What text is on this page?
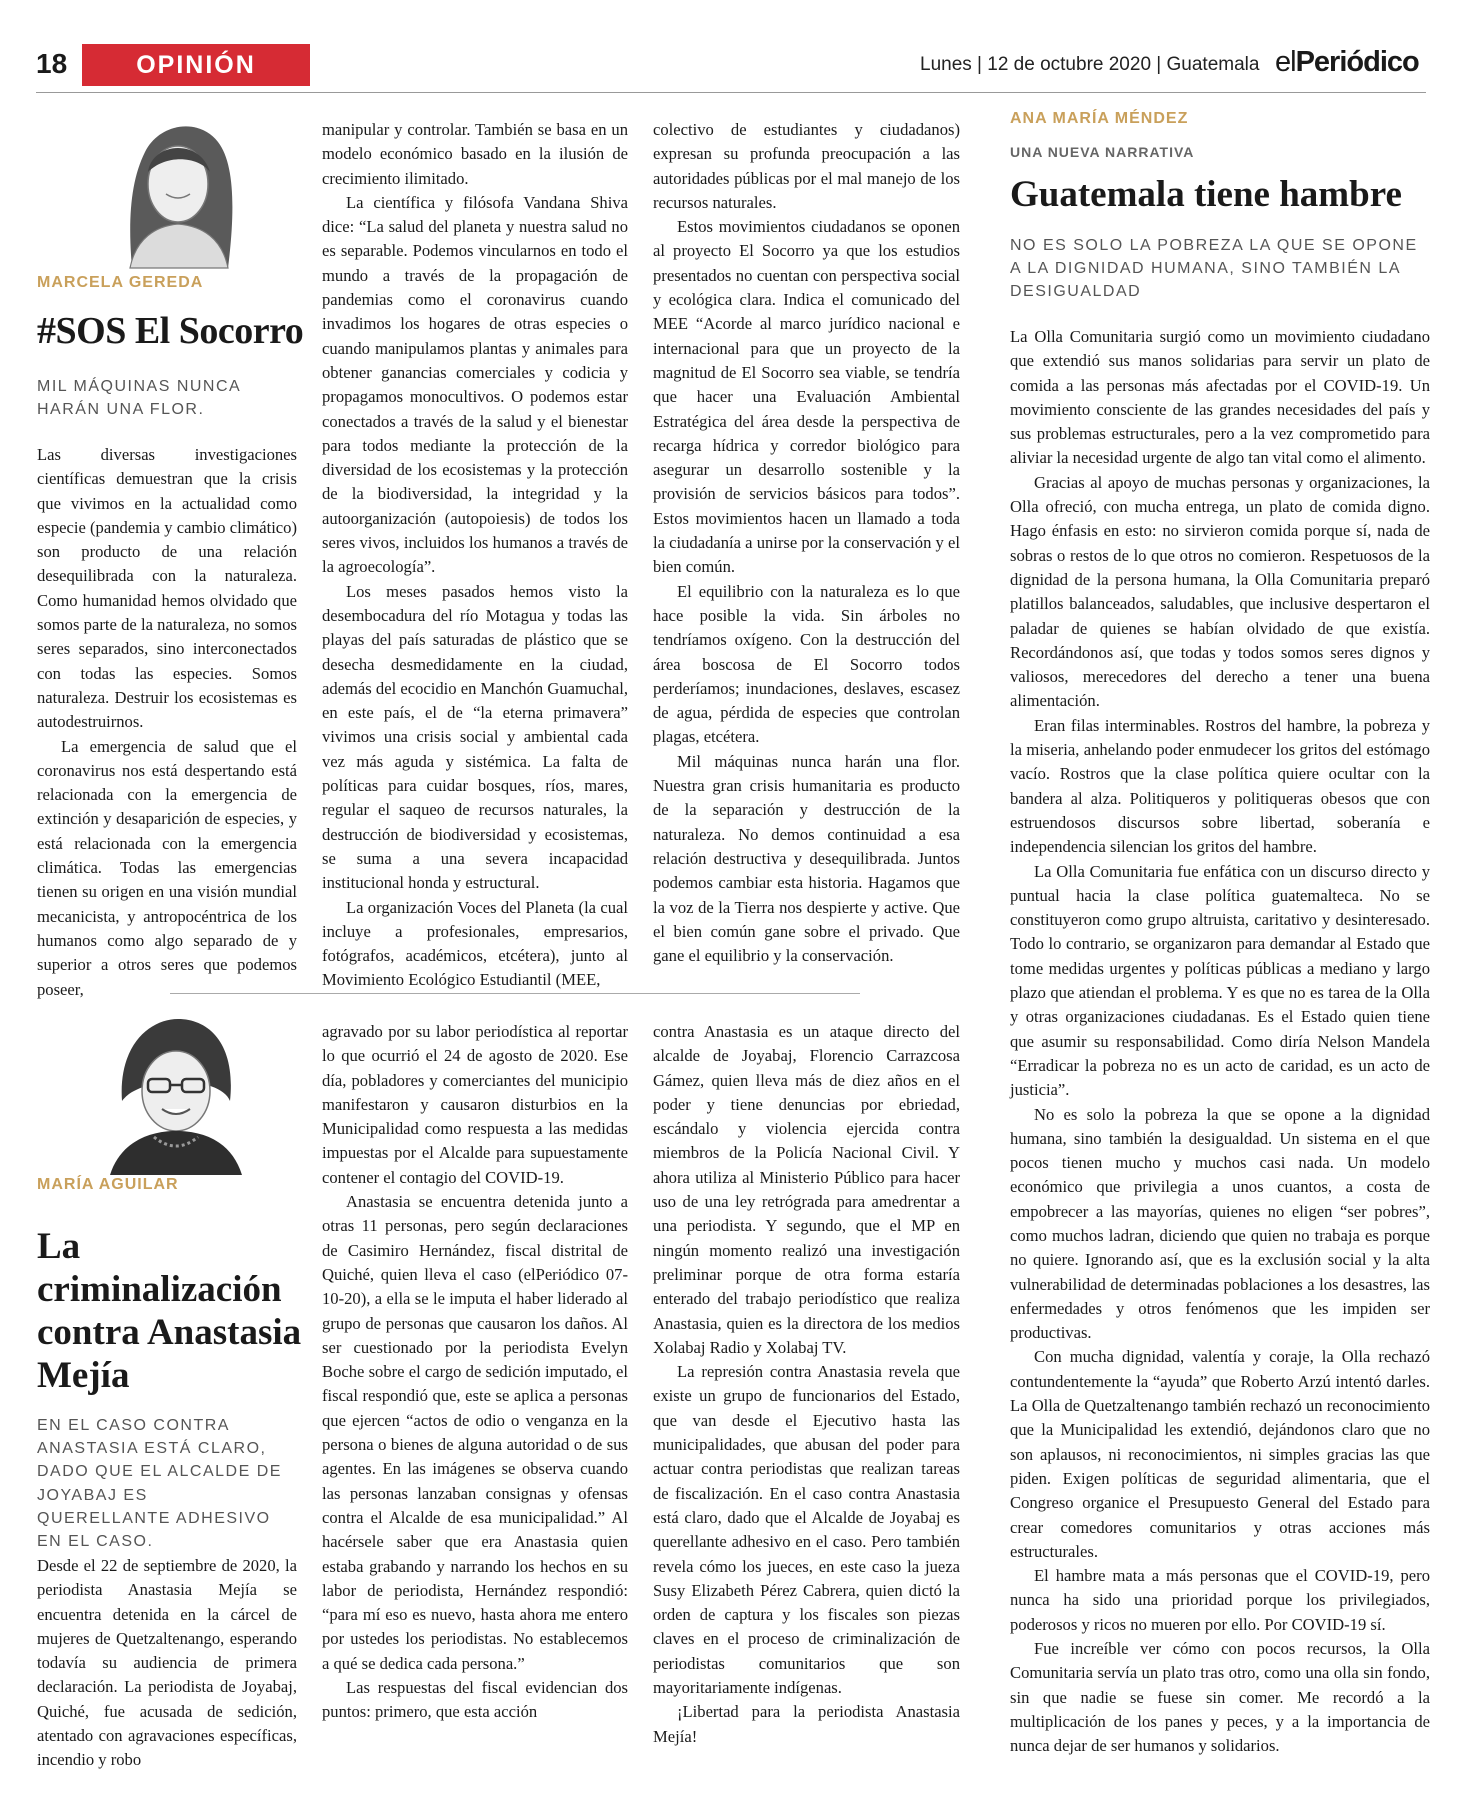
18	OPINIÓN	Lunes | 12 de octubre 2020 | Guatemala elPeriódico
MARCELA GEREDA
#SOS El Socorro
MIL MÁQUINAS NUNCA HARÁN UNA FLOR.

Las diversas investigaciones científicas demuestran que la crisis que vivimos en la actualidad como especie (pandemia y cambio climático) son producto de una relación desequilibrada con la naturaleza. Como humanidad hemos olvidado que somos parte de la naturaleza, no somos seres separados, sino interconectados con todas las especies. Somos naturaleza. Destruir los ecosistemas es autodestruirnos.

La emergencia de salud que el coronavirus nos está despertando está relacionada con la emergencia de extinción y desaparición de especies, y está relacionada con la emergencia climática. Todas las emergencias tienen su origen en una visión mundial mecanicista, y antropocéntrica de los humanos como algo separado de y superior a otros seres que podemos poseer,

manipular y controlar. También se basa en un modelo económico basado en la ilusión de crecimiento ilimitado.

La científica y filósofa Vandana Shiva dice: “La salud del planeta y nuestra salud no es separable. Podemos vincularnos en todo el mundo a través de la propagación de pandemias como el coronavirus cuando invadimos los hogares de otras especies o cuando manipulamos plantas y animales para obtener ganancias comerciales y codicia y propagamos monocultivos. O podemos estar conectados a través de la salud y el bienestar para todos mediante la protección de la diversidad de los ecosistemas y la protección de la biodiversidad, la integridad y la autoorganización (autopoiesis) de todos los seres vivos, incluidos los humanos a través de la agroecología”.

Los meses pasados hemos visto la desembocadura del río Motagua y todas las playas del país saturadas de plástico que se desecha desmedidamente en la ciudad, además del ecocidio en Manchón Guamuchal, en este país, el de “la eterna primavera” vivimos una crisis social y ambiental cada vez más aguda y sistémica. La falta de políticas para cuidar bosques, ríos, mares, regular el saqueo de recursos naturales, la destrucción de biodiversidad y ecosistemas, se suma a una severa incapacidad institucional honda y estructural.

La organización Voces del Planeta (la cual incluye a profesionales, empresarios, fotógrafos, académicos, etcétera), junto al Movimiento Ecológico Estudiantil (MEE,

colectivo de estudiantes y ciudadanos) expresan su profunda preocupación a las autoridades públicas por el mal manejo de los recursos naturales.

Estos movimientos ciudadanos se oponen al proyecto El Socorro ya que los estudios presentados no cuentan con perspectiva social y ecológica clara. Indica el comunicado del MEE “Acorde al marco jurídico nacional e internacional para que un proyecto de la magnitud de El Socorro sea viable, se tendría que hacer una Evaluación Ambiental Estratégica del área desde la perspectiva de recarga hídrica y corredor biológico para asegurar un desarrollo sostenible y la provisión de servicios básicos para todos”. Estos movimientos hacen un llamado a toda la ciudadanía a unirse por la conservación y el bien común.

El equilibrio con la naturaleza es lo que hace posible la vida. Sin árboles no tendríamos oxígeno. Con la destrucción del área boscosa de El Socorro todos perderíamos; inundaciones, deslaves, escasez de agua, pérdida de especies que controlan plagas, etcétera.

Mil máquinas nunca harán una flor. Nuestra gran crisis humanitaria es producto de la separación y destrucción de la naturaleza. No demos continuidad a esa relación destructiva y desequilibrada. Juntos podemos cambiar esta historia. Hagamos que la voz de la Tierra nos despierte y active. Que el bien común gane sobre el privado. Que gane el equilibrio y la conservación.

MARÍA AGUILAR
La criminalización contra Anastasia Mejía
EN EL CASO CONTRA ANASTASIA ESTÁ CLARO, DADO QUE EL ALCALDE DE JOYABAJ ES QUERELLANTE ADHESIVO EN EL CASO.

Desde el 22 de septiembre de 2020, la periodista Anastasia Mejía se encuentra detenida en la cárcel de mujeres de Quetzaltenango, esperando todavía su audiencia de primera declaración. La periodista de Joyabaj, Quiché, fue acusada de sedición, atentado con agravaciones específicas, incendio y robo

agravado por su labor periodística al reportar lo que ocurrió el 24 de agosto de 2020. Ese día, pobladores y comerciantes del municipio manifestaron y causaron disturbios en la Municipalidad como respuesta a las medidas impuestas por el Alcalde para supuestamente contener el contagio del COVID-19.

Anastasia se encuentra detenida junto a otras 11 personas, pero según declaraciones de Casimiro Hernández, fiscal distrital de Quiché, quien lleva el caso (elPeriódico 07-10-20), a ella se le imputa el haber liderado al grupo de personas que causaron los daños. Al ser cuestionado por la periodista Evelyn Boche sobre el cargo de sedición imputado, el fiscal respondió que, este se aplica a personas que ejercen “actos de odio o venganza en la persona o bienes de alguna autoridad o de sus agentes. En las imágenes se observa cuando las personas lanzaban consignas y ofensas contra el Alcalde de esa municipalidad.” Al hacérsele saber que era Anastasia quien estaba grabando y narrando los hechos en su labor de periodista, Hernández respondió: “para mí eso es nuevo, hasta ahora me entero por ustedes los periodistas. No establecemos a qué se dedica cada persona.”

Las respuestas del fiscal evidencian dos puntos: primero, que esta acción

contra Anastasia es un ataque directo del alcalde de Joyabaj, Florencio Carrazcosa Gámez, quien lleva más de diez años en el poder y tiene denuncias por ebriedad, escándalo y violencia ejercida contra miembros de la Policía Nacional Civil. Y ahora utiliza al Ministerio Público para hacer uso de una ley retrógrada para amedrentar a una periodista. Y segundo, que el MP en ningún momento realizó una investigación preliminar porque de otra forma estaría enterado del trabajo periodístico que realiza Anastasia, quien es la directora de los medios Xolabaj Radio y Xolabaj TV.

La represión contra Anastasia revela que existe un grupo de funcionarios del Estado, que van desde el Ejecutivo hasta las municipalidades, que abusan del poder para actuar contra periodistas que realizan tareas de fiscalización. En el caso contra Anastasia está claro, dado que el Alcalde de Joyabaj es querellante adhesivo en el caso. Pero también revela cómo los jueces, en este caso la jueza Susy Elizabeth Pérez Cabrera, quien dictó la orden de captura y los fiscales son piezas claves en el proceso de criminalización de periodistas comunitarios que son mayoritariamente indígenas.

¡Libertad para la periodista Anastasia Mejía!

ANA MARÍA MÉNDEZ
UNA NUEVA NARRATIVA
Guatemala tiene hambre
NO ES SOLO LA POBREZA LA QUE SE OPONE A LA DIGNIDAD HUMANA, SINO TAMBIÉN LA DESIGUALDAD

La Olla Comunitaria surgió como un movimiento ciudadano que extendió sus manos solidarias para servir un plato de comida a las personas más afectadas por el COVID-19. Un movimiento consciente de las grandes necesidades del país y sus problemas estructurales, pero a la vez comprometido para aliviar la necesidad urgente de algo tan vital como el alimento.

Gracias al apoyo de muchas personas y organizaciones, la Olla ofreció, con mucha entrega, un plato de comida digno. Hago énfasis en esto: no sirvieron comida porque sí, nada de sobras o restos de lo que otros no comieron. Respetuosos de la dignidad de la persona humana, la Olla Comunitaria preparó platillos balanceados, saludables, que inclusive despertaron el paladar de quienes se habían olvidado de que existía. Recordándonos así, que todas y todos somos seres dignos y valiosos, merecedores del derecho a tener una buena alimentación.

Eran filas interminables. Rostros del hambre, la pobreza y la miseria, anhelando poder enmudecer los gritos del estómago vacío. Rostros que la clase política quiere ocultar con la bandera al alza. Politiqueros y politiqueras obesos que con estruendosos discursos sobre libertad, soberanía e independencia silencian los gritos del hambre.

La Olla Comunitaria fue enfática con un discurso directo y puntual hacia la clase política guatemalteca. No se constituyeron como grupo altruista, caritativo y desinteresado. Todo lo contrario, se organizaron para demandar al Estado que tome medidas urgentes y políticas públicas a mediano y largo plazo que atiendan el problema. Y es que no es tarea de la Olla y otras organizaciones ciudadanas. Es el Estado quien tiene que asumir su responsabilidad. Como diría Nelson Mandela “Erradicar la pobreza no es un acto de caridad, es un acto de justicia”.

No es solo la pobreza la que se opone a la dignidad humana, sino también la desigualdad. Un sistema en el que pocos tienen mucho y muchos casi nada. Un modelo económico que privilegia a unos cuantos, a costa de empobrecer a las mayorías, quienes no eligen “ser pobres”, como muchos ladran, diciendo que quien no trabaja es porque no quiere. Ignorando así, que es la exclusión social y la alta vulnerabilidad de determinadas poblaciones a los desastres, las enfermedades y otros fenómenos que les impiden ser productivas.

Con mucha dignidad, valentía y coraje, la Olla rechazó contundentemente la “ayuda” que Roberto Arzú intentó darles. La Olla de Quetzaltenango también rechazó un reconocimiento que la Municipalidad les extendió, dejándonos claro que no son aplausos, ni reconocimientos, ni simples gracias las que piden. Exigen políticas de seguridad alimentaria, que el Congreso organice el Presupuesto General del Estado para crear comedores comunitarios y otras acciones más estructurales.

El hambre mata a más personas que el COVID-19, pero nunca ha sido una prioridad porque los privilegiados, poderosos y ricos no mueren por ello. Por COVID-19 sí.

Fue increíble ver cómo con pocos recursos, la Olla Comunitaria servía un plato tras otro, como una olla sin fondo, sin que nadie se fuese sin comer. Me recordó a la multiplicación de los panes y peces, y a la importancia de nunca dejar de ser humanos y solidarios.
